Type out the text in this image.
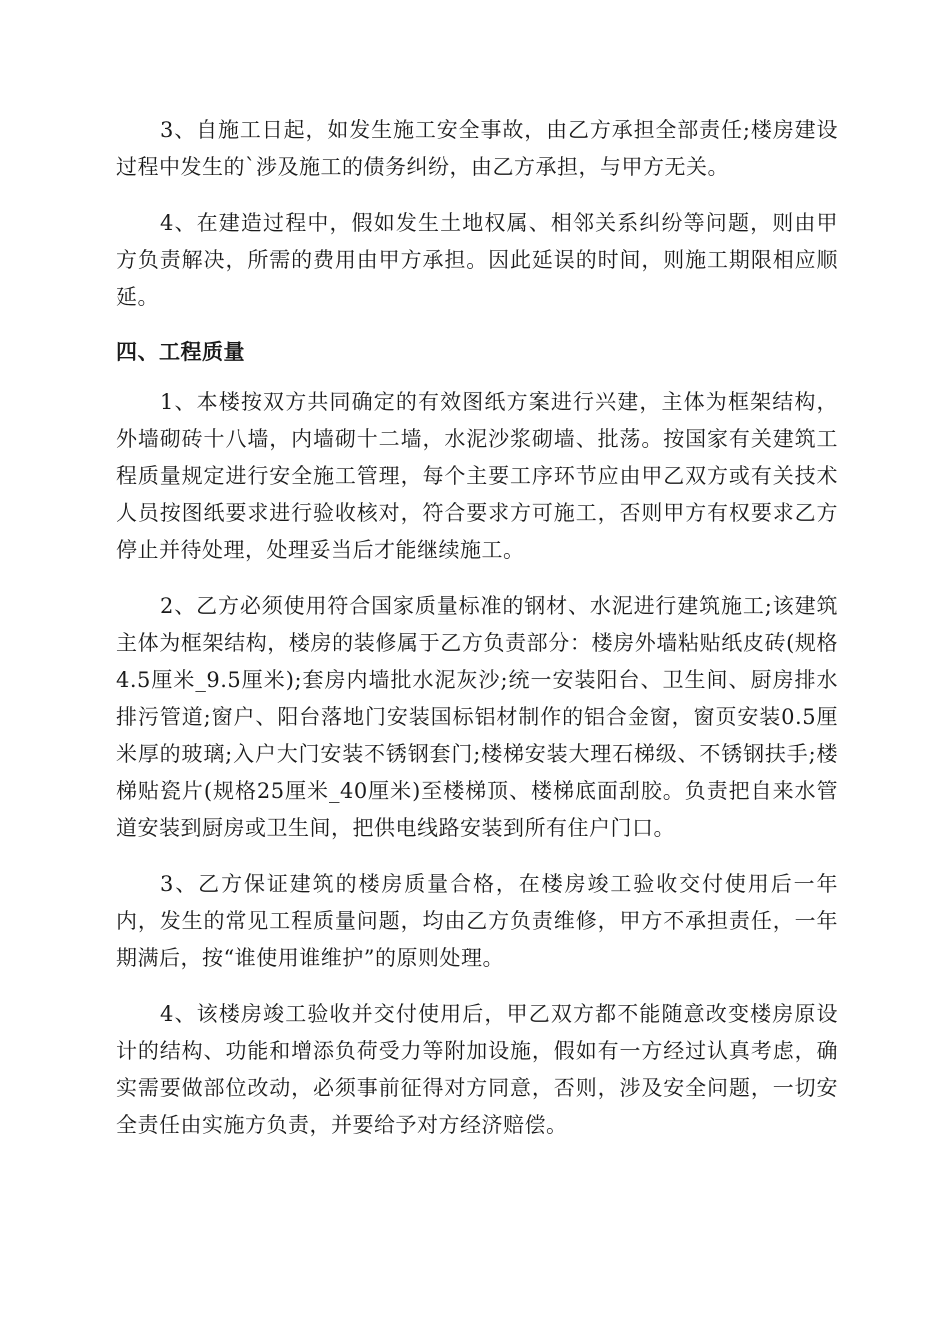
3、自施工日起，如发生施工安全事故，由乙方承担全部责任;楼房建设过程中发生的`涉及施工的债务纠纷，由乙方承担，与甲方无关。

4、在建造过程中，假如发生土地权属、相邻关系纠纷等问题，则由甲方负责解决，所需的费用由甲方承担。因此延误的时间，则施工期限相应顺延。

四、工程质量

1、本楼按双方共同确定的有效图纸方案进行兴建，主体为框架结构，外墙砌砖十八墙，内墙砌十二墙，水泥沙浆砌墙、批荡。按国家有关建筑工程质量规定进行安全施工管理，每个主要工序环节应由甲乙双方或有关技术人员按图纸要求进行验收核对，符合要求方可施工，否则甲方有权要求乙方停止并待处理，处理妥当后才能继续施工。

2、乙方必须使用符合国家质量标准的钢材、水泥进行建筑施工;该建筑主体为框架结构，楼房的装修属于乙方负责部分：楼房外墙粘贴纸皮砖(规格4.5厘米_9.5厘米);套房内墙批水泥灰沙;统一安装阳台、卫生间、厨房排水排污管道;窗户、阳台落地门安装国标铝材制作的铝合金窗，窗页安装0.5厘米厚的玻璃;入户大门安装不锈钢套门;楼梯安装大理石梯级、不锈钢扶手;楼梯贴瓷片(规格25厘米_40厘米)至楼梯顶、楼梯底面刮胶。负责把自来水管道安装到厨房或卫生间，把供电线路安装到所有住户门口。

3、乙方保证建筑的楼房质量合格，在楼房竣工验收交付使用后一年内，发生的常见工程质量问题，均由乙方负责维修，甲方不承担责任，一年期满后，按“谁使用谁维护”的原则处理。

4、该楼房竣工验收并交付使用后，甲乙双方都不能随意改变楼房原设计的结构、功能和增添负荷受力等附加设施，假如有一方经过认真考虑，确实需要做部位改动，必须事前征得对方同意，否则，涉及安全问题，一切安全责任由实施方负责，并要给予对方经济赔偿。
